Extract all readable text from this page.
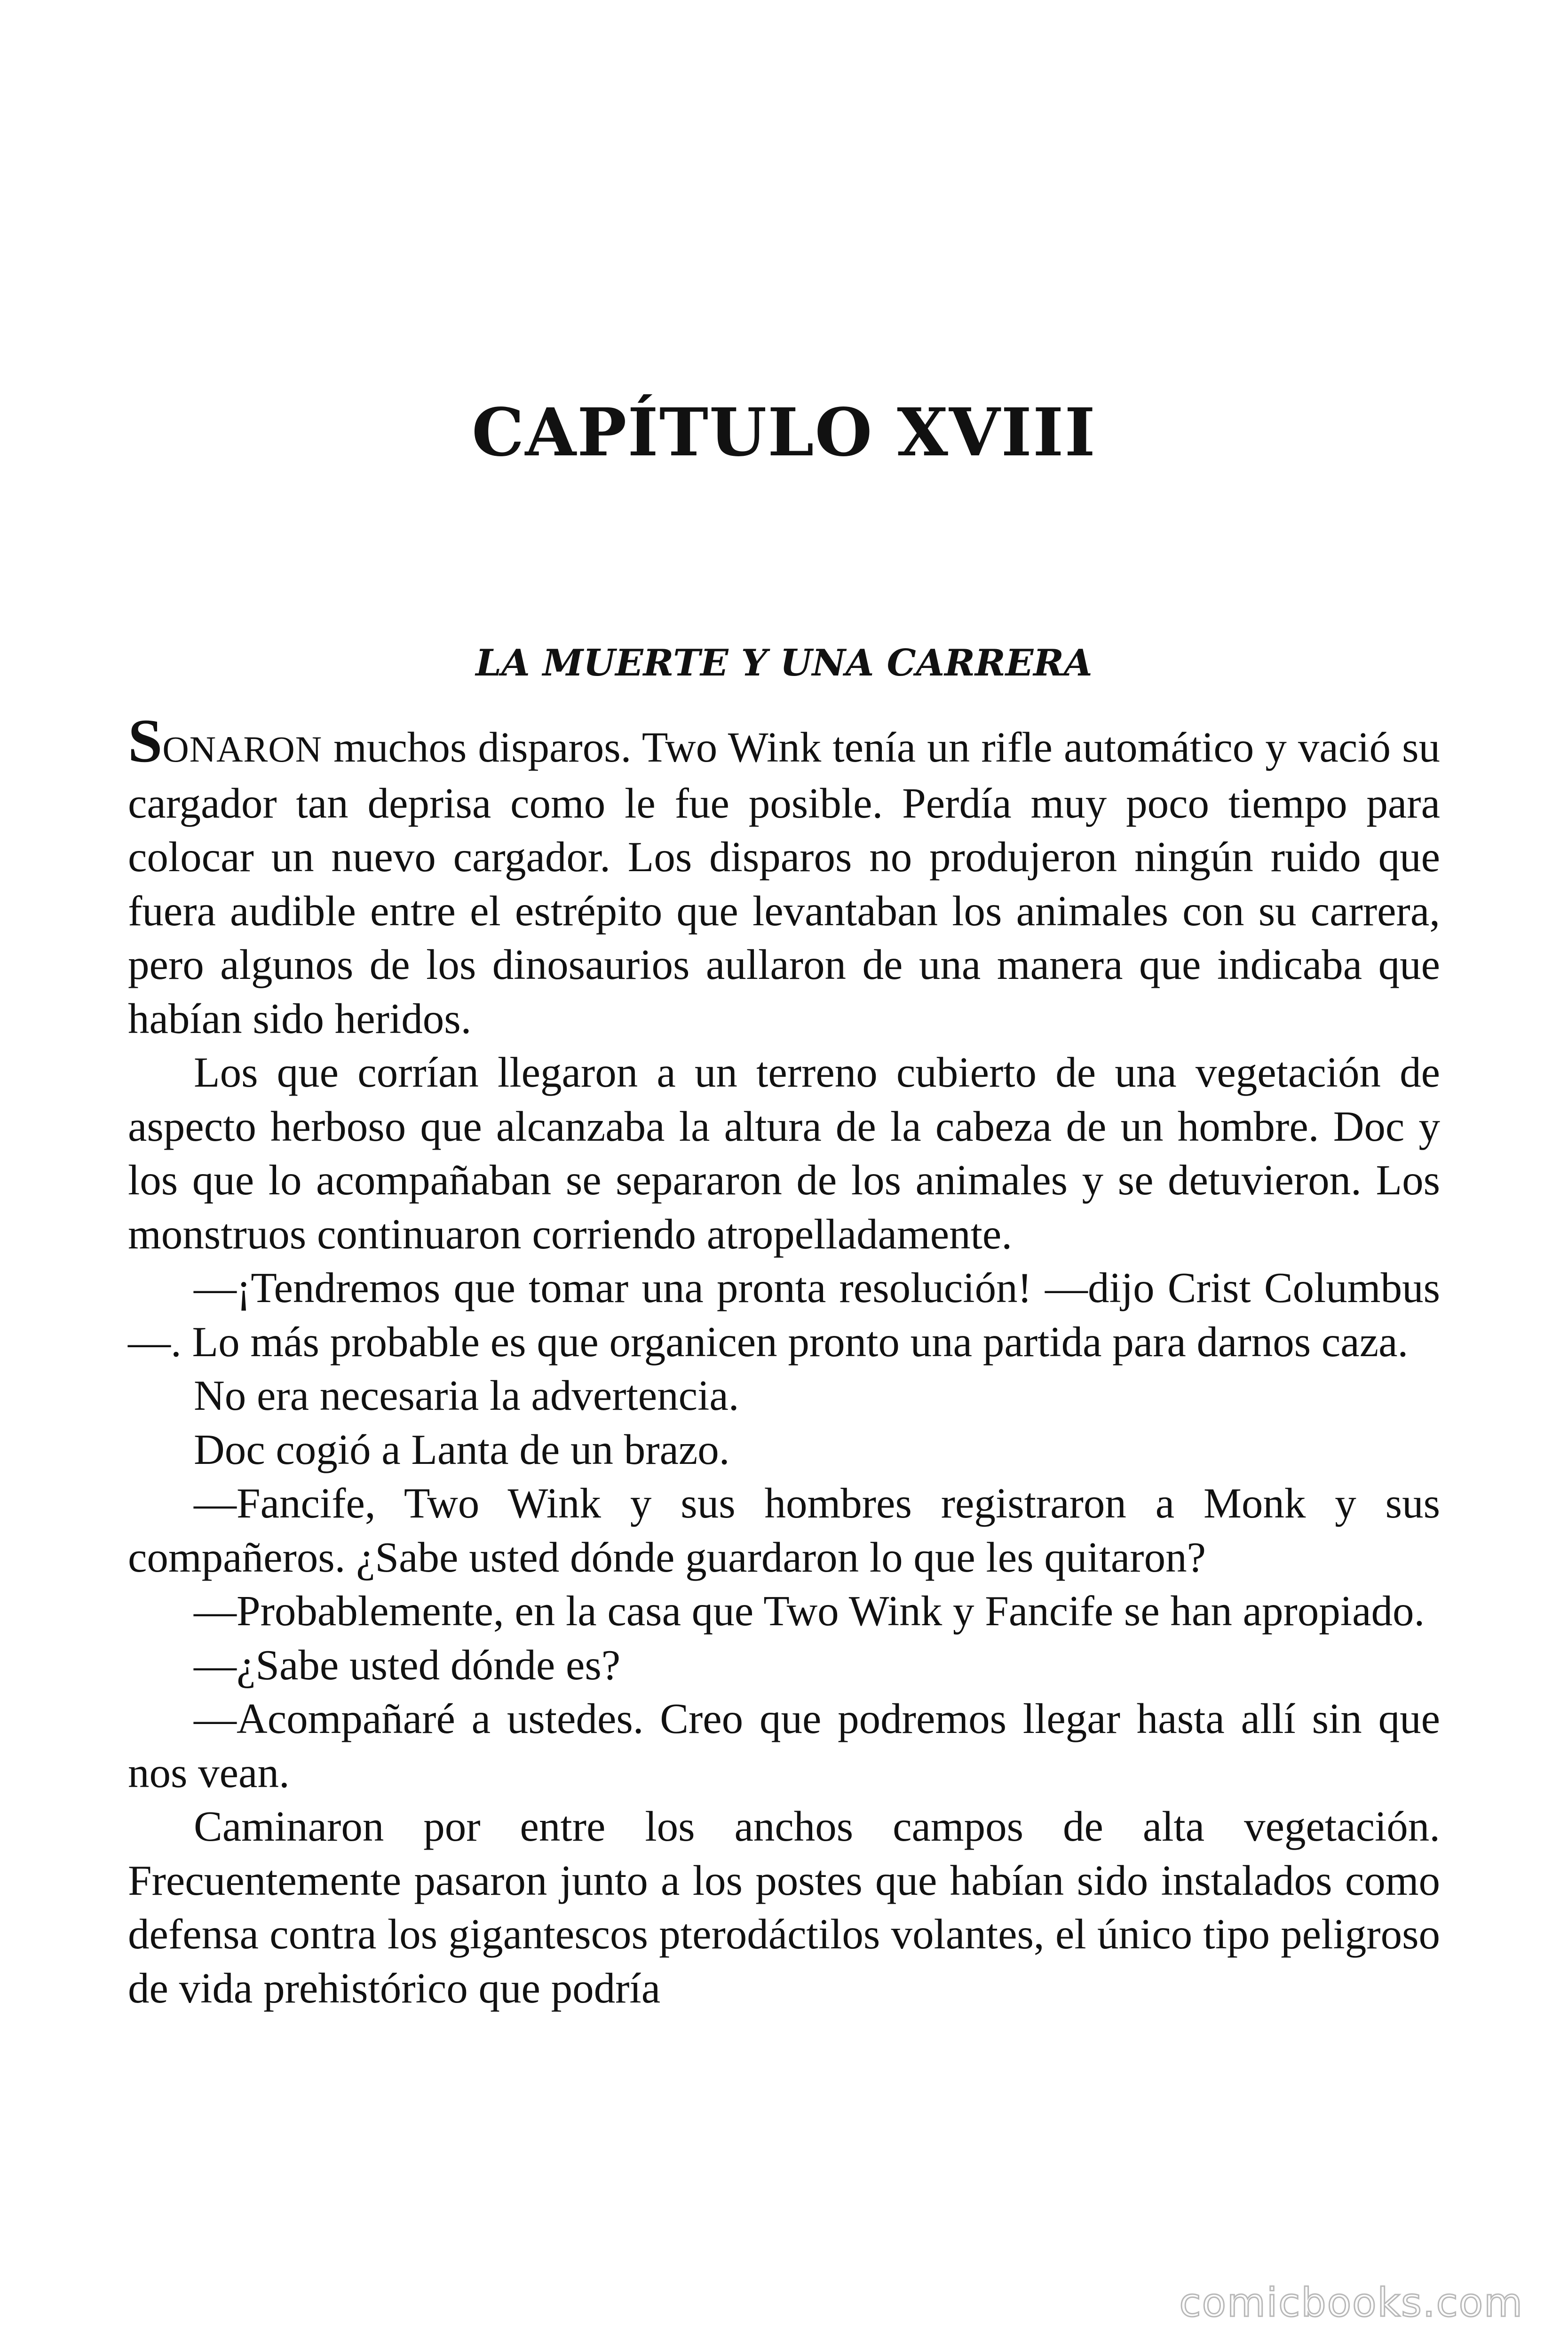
CAPÍTULO XVIII
LA MUERTE Y UNA CARRERA

SONARON muchos disparos. Two Wink tenía un rifle automático y vació su cargador tan deprisa como le fue posible. Perdía muy poco tiempo para colocar un nuevo cargador. Los disparos no produjeron ningún ruido que fuera audible entre el estrépito que levantaban los animales con su carrera, pero algunos de los dinosaurios aullaron de una manera que indicaba que habían sido heridos.

Los que corrían llegaron a un terreno cubierto de una vegetación de aspecto herboso que alcanzaba la altura de la cabeza de un hombre. Doc y los que lo acompañaban se separaron de los animales y se detuvieron. Los monstruos continuaron corriendo atropelladamente.

—¡Tendremos que tomar una pronta resolución! —dijo Crist Columbus—. Lo más probable es que organicen pronto una partida para darnos caza.

No era necesaria la advertencia.

Doc cogió a Lanta de un brazo.

—Fancife, Two Wink y sus hombres registraron a Monk y sus compañeros. ¿Sabe usted dónde guardaron lo que les quitaron?

—Probablemente, en la casa que Two Wink y Fancife se han apropiado.

—¿Sabe usted dónde es?

—Acompañaré a ustedes. Creo que podremos llegar hasta allí sin que nos vean.

Caminaron por entre los anchos campos de alta vegetación. Frecuentemente pasaron junto a los postes que habían sido instalados como defensa contra los gigantescos pterodáctilos volantes, el único tipo peligroso de vida prehistórico que podría

comicbooks.com
